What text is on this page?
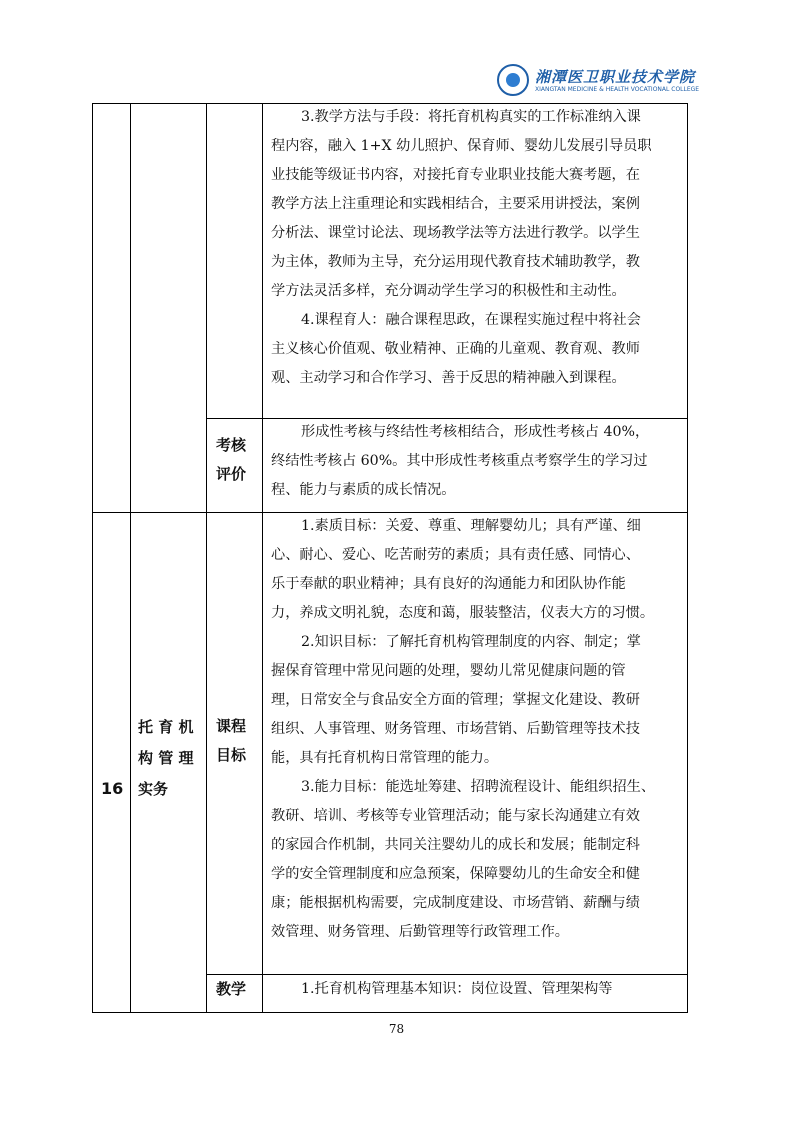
湘潭医卫职业技术学院
XIANGTAN MEDICINE & HEALTH VOCATIONAL COLLEGE
3.教学方法与手段：将托育机构真实的工作标准纳入课
程内容，融入 1+X 幼儿照护、保育师、婴幼儿发展引导员职
业技能等级证书内容，对接托育专业职业技能大赛考题，在
教学方法上注重理论和实践相结合，主要采用讲授法，案例
分析法、课堂讨论法、现场教学法等方法进行教学。以学生
为主体，教师为主导，充分运用现代教育技术辅助教学，教
学方法灵活多样，充分调动学生学习的积极性和主动性。
4.课程育人：融合课程思政，在课程实施过程中将社会
主义核心价值观、敬业精神、正确的儿童观、教育观、教师
观、主动学习和合作学习、善于反思的精神融入到课程。
考核
评价
形成性考核与终结性考核相结合，形成性考核占 40%，
终结性考核占 60%。其中形成性考核重点考察学生的学习过
程、能力与素质的成长情况。
16
托 育 机
构 管 理
实务
课程
目标
1.素质目标：关爱、尊重、理解婴幼儿；具有严谨、细
心、耐心、爱心、吃苦耐劳的素质；具有责任感、同情心、
乐于奉献的职业精神；具有良好的沟通能力和团队协作能
力，养成文明礼貌，态度和蔼，服装整洁，仪表大方的习惯。
2.知识目标：了解托育机构管理制度的内容、制定；掌
握保育管理中常见问题的处理，婴幼儿常见健康问题的管
理，日常安全与食品安全方面的管理；掌握文化建设、教研
组织、人事管理、财务管理、市场营销、后勤管理等技术技
能，具有托育机构日常管理的能力。
3.能力目标：能选址筹建、招聘流程设计、能组织招生、
教研、培训、考核等专业管理活动；能与家长沟通建立有效
的家园合作机制，共同关注婴幼儿的成长和发展；能制定科
学的安全管理制度和应急预案，保障婴幼儿的生命安全和健
康；能根据机构需要，完成制度建设、市场营销、薪酬与绩
效管理、财务管理、后勤管理等行政管理工作。
教学	1.托育机构管理基本知识：岗位设置、管理架构等
78
